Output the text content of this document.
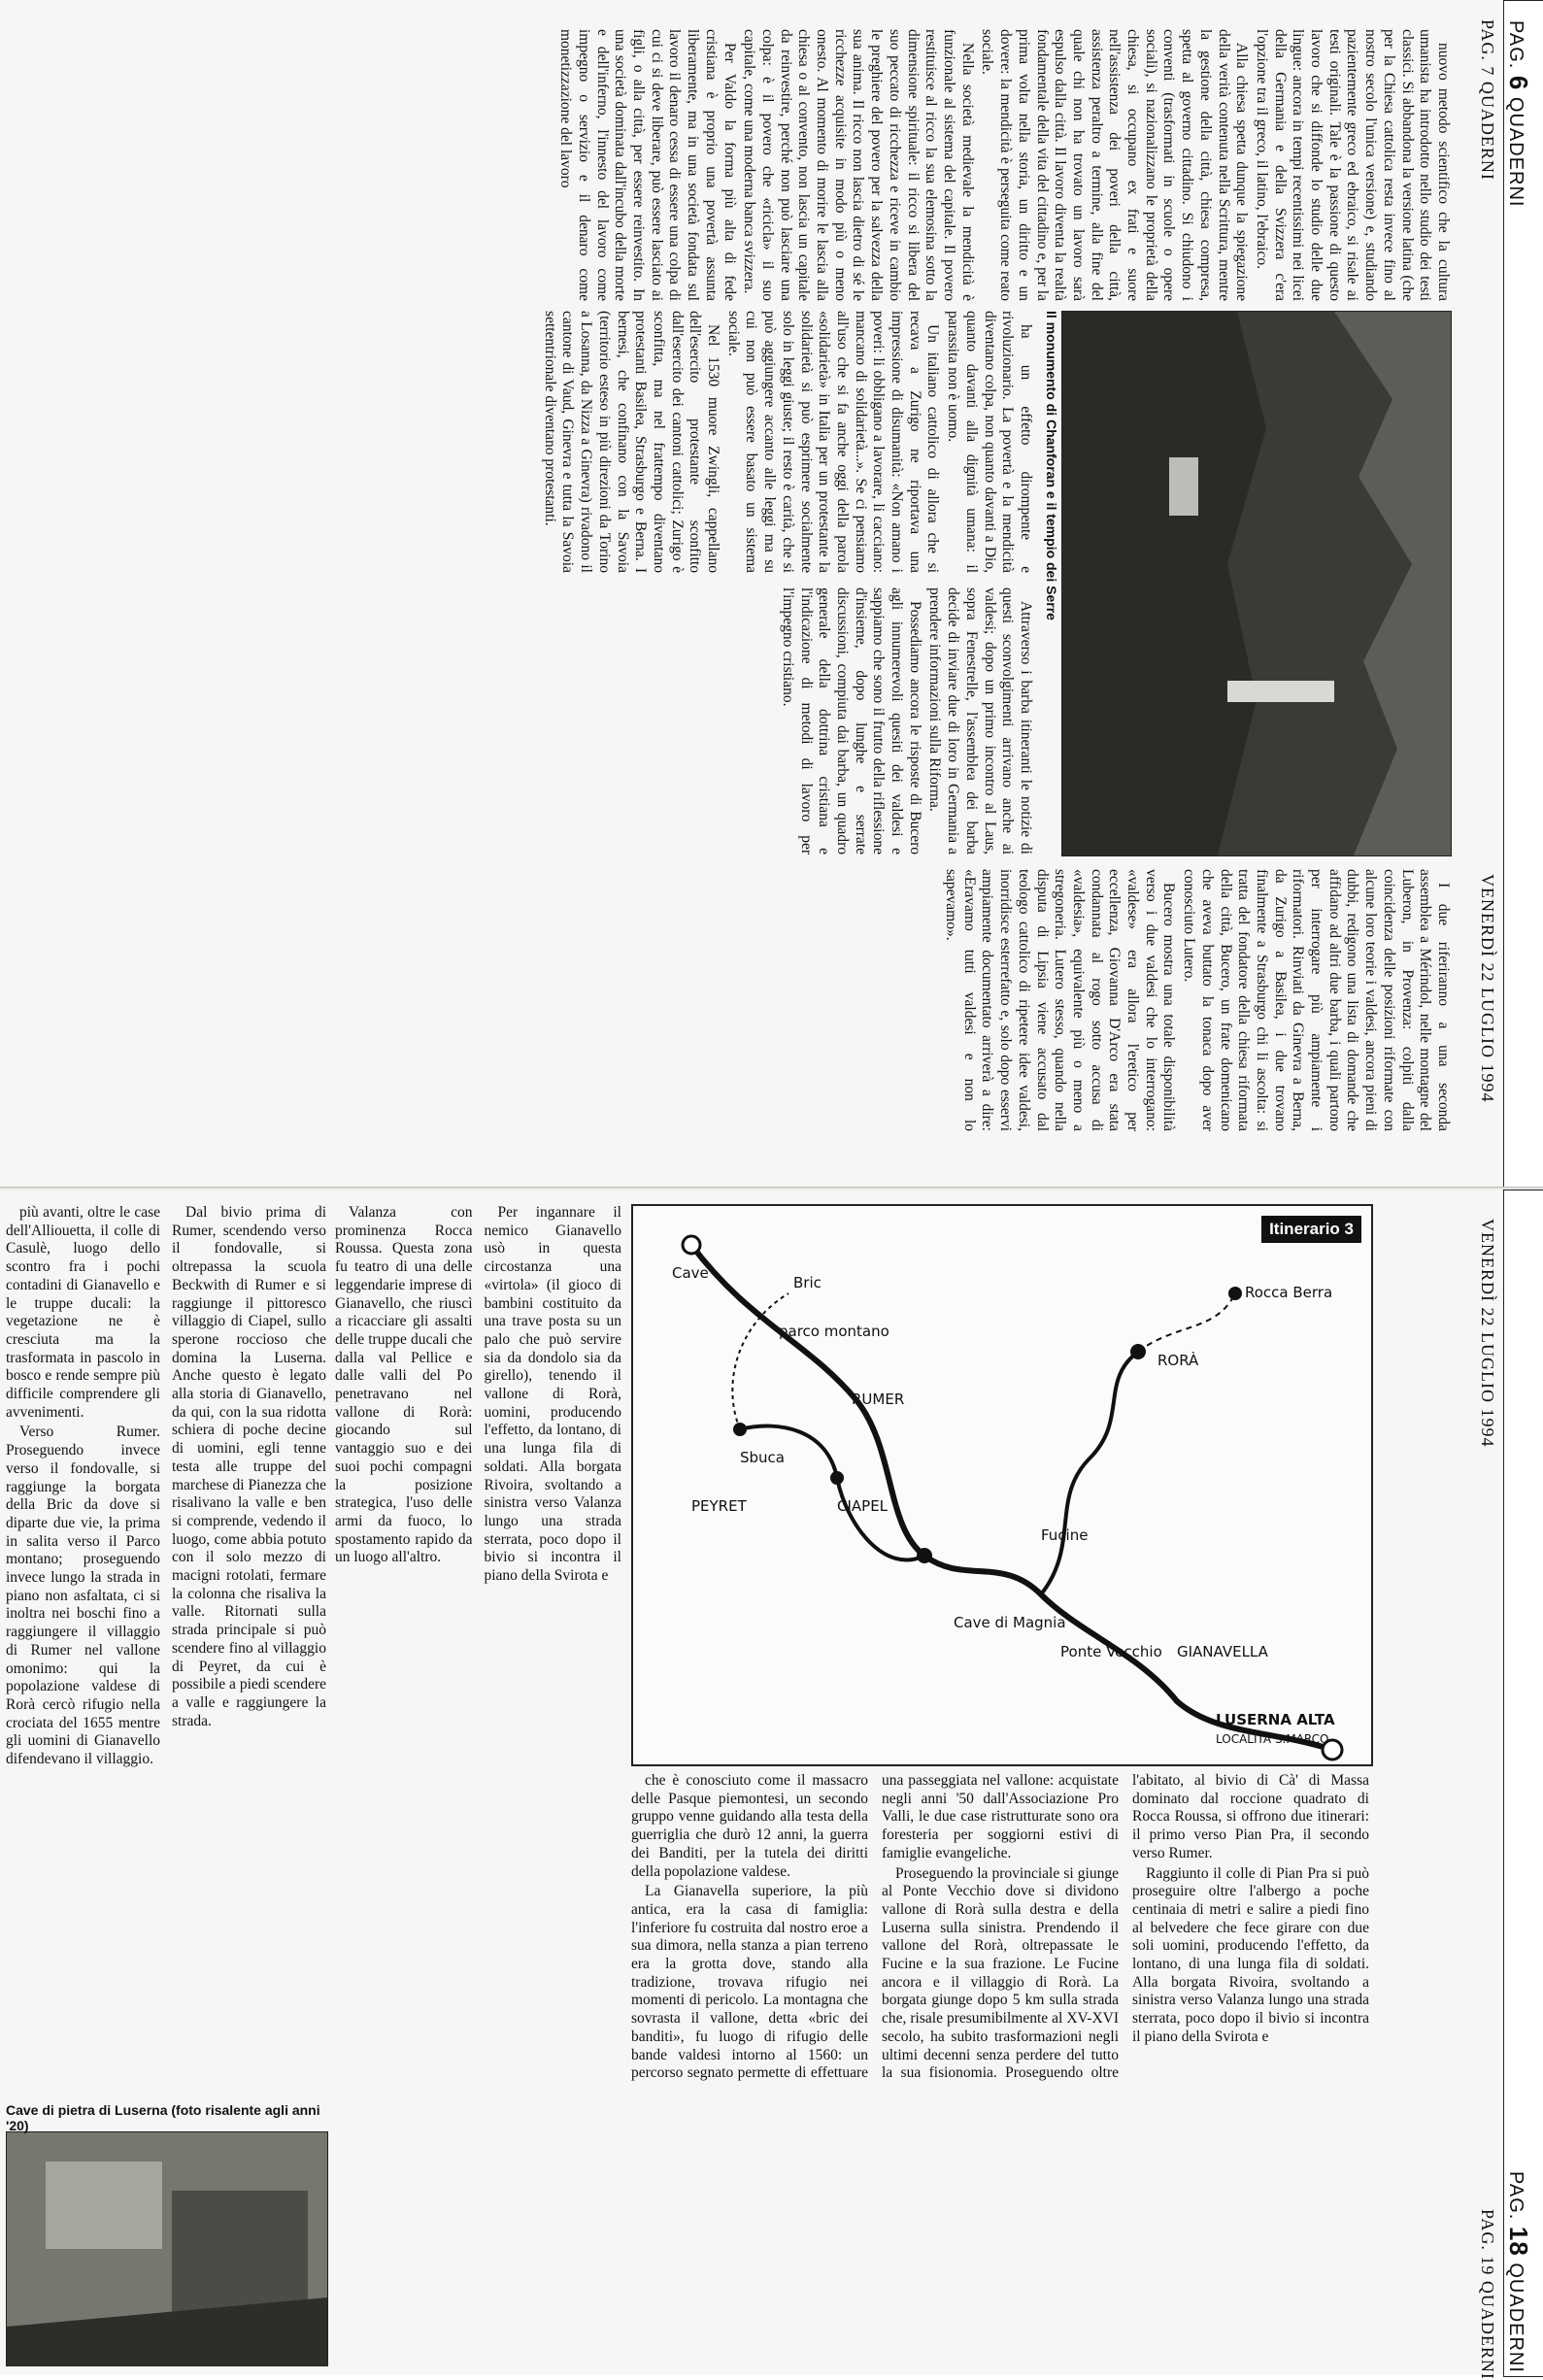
PAG. 6 QUADERNI
VENERDÌ 22 LUGLIO 1994
PAG. 7 QUADERNI

nuovo metodo scientifico che la cultura umanista ha introdotto nello studio dei testi classici. Si abbandona la versione latina (che per la Chiesa cattolica resta invece fino al nostro secolo l'unica versione) e, studiando pazientemente greco ed ebraico, si risale ai testi originali. Tale è la passione di questo lavoro che si diffonde lo studio delle due lingue: ancora in tempi recentissimi nei licei della Germania e della Svizzera c'era l'opzione tra il greco, il latino, l'ebraico.

Alla chiesa spetta dunque la spiegazione della verità contenuta nella Scrittura, mentre la gestione della città, chiesa compresa, spetta al governo cittadino. Si chiudono i conventi (trasformati in scuole o opere sociali), si nazionalizzano le proprietà della chiesa, si occupano ex frati e suore nell'assistenza dei poveri della città, assistenza peraltro a termine, alla fine del quale chi non ha trovato un lavoro sarà espulso dalla città. Il lavoro diventa la realtà fondamentale della vita del cittadino e, per la prima volta nella storia, un diritto e un dovere: la mendicità è perseguita come reato sociale.

Nella società medievale la mendicità è funzionale al sistema del capitale. Il povero restituisce al ricco la sua elemosina sotto la dimensione spirituale: il ricco si libera del suo peccato di ricchezza e riceve in cambio le preghiere del povero per la salvezza della sua anima. Il ricco non lascia dietro di sé le ricchezze acquisite in modo più o meno onesto. Al momento di morire le lascia alla chiesa o al convento, non lascia un capitale da reinvestire, perché non può lasciare una colpa: è il povero che «ricicla» il suo capitale, come una moderna banca svizzera.

Per Valdo la forma più alta di fede cristiana è proprio una povertà assunta liberamente, ma in una società fondata sul lavoro il denaro cessa di essere una colpa di cui ci si deve liberare, può essere lasciato ai figli, o alla città, per essere reinvestito. In una società dominata dall'incubo della morte e dell'inferno, l'innesto del lavoro come impegno o servizio e il denaro come monetizzazione del lavoro

Il monumento di Chanforan e il tempio dei Serre

ha un effetto dirompente e rivoluzionario. La povertà e la mendicità diventano colpa, non quanto davanti a Dio, quanto davanti alla dignità umana: il parassita non è uomo.

Un italiano cattolico di allora che si recava a Zurigo ne riportava una impressione di disumanità: «Non amano i poveri: li obbligano a lavorare, li cacciano: mancano di solidarietà...». Se ci pensiamo all'uso che si fa anche oggi della parola «solidarietà» in Italia per un protestante la solidarietà si può esprimere socialmente solo in leggi giuste; il resto è carità, che si può aggiungere accanto alle leggi ma su cui non può essere basato un sistema sociale.

Nel 1530 muore Zwingli, cappellano dell'esercito protestante sconfitto dall'esercito dei cantoni cattolici; Zurigo è sconfitta, ma nel frattempo diventano protestanti Basilea, Strasburgo e Berna. I bernesi, che confinano con la Savoia (territorio esteso in più direzioni da Torino a Losanna, da Nizza a Ginevra) rivadono il cantone di Vaud, Ginevra e tutta la Savoia settentrionale diventano protestanti.

Attraverso i barba itineranti le notizie di questi sconvolgimenti arrivano anche ai valdesi; dopo un primo incontro al Laus, sopra Fenestrelle, l'assemblea dei barba decide di inviare due di loro in Germania a prendere informazioni sulla Riforma.

Possediamo ancora le risposte di Bucero agli innumerevoli quesiti dei valdesi e sappiamo che sono il frutto della riflessione d'insieme, dopo lunghe e serrate discussioni, compiuta dai barba, un quadro generale della dottrina cristiana e l'indicazione di metodi di lavoro per l'impegno cristiano.

I due riferiranno a una seconda assemblea a Mérindol, nelle montagne del Luberon, in Provenza: colpiti dalla coincidenza delle posizioni riformate con alcune loro teorie i valdesi, ancora pieni di dubbi, redigono una lista di domande che affidano ad altri due barba, i quali partono per interrogare più ampiamente i riformatori. Rinviati da Ginevra a Berna, da Zurigo a Basilea, i due trovano finalmente a Strasburgo chi li ascolta: si tratta del fondatore della chiesa riformata della città, Bucero, un frate domenicano che aveva buttato la tonaca dopo aver conosciuto Lutero.

Bucero mostra una totale disponibilità verso i due valdesi che lo interrogano: «valdese» era allora l'eretico per eccellenza, Giovanna D'Arco era stata condannata al rogo sotto accusa di «valdesia», equivalente più o meno a stregoneria. Lutero stesso, quando nella disputa di Lipsia viene accusato dal teologo cattolico di ripetere idee valdesi, inorridisce esterrefatto e, solo dopo esservi ampiamente documentato arriverà a dire: «Eravamo tutti valdesi e non lo sapevamo».

PAG. 18 QUADERNI
VENERDÌ 22 LUGLIO 1994
PAG. 19 QUADERNI
Itinerario 3
RUMER
parco montano
Bric
Sbuca
PEYRET	CIAPEL
Cave
Fucine
Cave di Magnia
Ponte Vecchio
RORÀ
Rocca Berra
GIANAVELLA
LUSERNA ALTA
LOCALITÀ S.MARCO
Cave di pietra di Luserna (foto risalente agli anni '20)

che è conosciuto come il massacro delle Pasque piemontesi, un secondo gruppo venne guidando alla testa della guerriglia che durò 12 anni, la guerra dei Banditi, per la tutela dei diritti della popolazione valdese.

La Gianavella superiore, la più antica, era la casa di famiglia: l'inferiore fu costruita dal nostro eroe a sua dimora, nella stanza a pian terreno era la grotta dove, stando alla tradizione, trovava rifugio nei momenti di pericolo. La montagna che sovrasta il vallone, detta «bric dei banditi», fu luogo di rifugio delle bande valdesi intorno al 1560: un percorso segnato permette di effettuare una passeggiata nel vallone: acquistate negli anni '50 dall'Associazione Pro Valli, le due case ristrutturate sono ora foresteria per soggiorni estivi di famiglie evangeliche.

Proseguendo la provinciale si giunge al Ponte Vecchio dove si dividono vallone di Rorà sulla destra e della Luserna sulla sinistra. Prendendo il vallone del Rorà, oltrepassate le Fucine e la sua frazione. Le Fucine ancora e il villaggio di Rorà. La borgata giunge dopo 5 km sulla strada che, risale presumibilmente al XV-XVI secolo, ha subito trasformazioni negli ultimi decenni senza perdere del tutto la sua fisionomia. Proseguendo oltre l'abitato, al bivio di Cà' di Massa dominato dal roccione quadrato di Rocca Roussa, si offrono due itinerari: il primo verso Pian Pra, il secondo verso Rumer.

Raggiunto il colle di Pian Pra si può proseguire oltre l'albergo a poche centinaia di metri e salire a piedi fino al belvedere che fece girare con due soli uomini, producendo l'effetto, da lontano, di una lunga fila di soldati. Alla borgata Rivoira, svoltando a sinistra verso Valanza lungo una strada sterrata, poco dopo il bivio si incontra il piano della Svirota e

Valanza con prominenza Rocca Roussa. Questa zona fu teatro di una delle leggendarie imprese di Gianavello, che riuscì a ricacciare gli assalti delle truppe ducali che dalla val Pellice e dalle valli del Po penetravano nel vallone di Rorà: giocando sul vantaggio suo e dei suoi pochi compagni la posizione strategica, l'uso delle armi da fuoco, lo spostamento rapido da un luogo all'altro.

Per ingannare il nemico Gianavello usò in questa circostanza una «virtola» (il gioco di bambini costituito da una trave posta su un palo che può servire sia da dondolo sia da girello), tenendo il vallone di Rorà, uomini, producendo l'effetto, da lontano, di una lunga fila di soldati. Alla borgata Rivoira, svoltando a sinistra verso Valanza lungo una strada sterrata, poco dopo il bivio si incontra il piano della Svirota e

più avanti, oltre le case dell'Alliouetta, il colle di Casulè, luogo dello scontro fra i pochi contadini di Gianavello e le truppe ducali: la vegetazione ne è cresciuta ma la trasformata in pascolo in bosco e rende sempre più difficile comprendere gli avvenimenti.

Verso Rumer. Proseguendo invece verso il fondovalle, si raggiunge la borgata della Bric da dove si diparte due vie, la prima in salita verso il Parco montano; proseguendo invece lungo la strada in piano non asfaltata, ci si inoltra nei boschi fino a raggiungere il villaggio di Rumer nel vallone omonimo: qui la popolazione valdese di Rorà cercò rifugio nella crociata del 1655 mentre gli uomini di Gianavello difendevano il villaggio.

Dal bivio prima di Rumer, scendendo verso il fondovalle, si oltrepassa la scuola Beckwith di Rumer e si raggiunge il pittoresco villaggio di Ciapel, sullo sperone roccioso che domina la Luserna. Anche questo è legato alla storia di Gianavello, da qui, con la sua ridotta schiera di poche decine di uomini, egli tenne testa alle truppe del marchese di Pianezza che risalivano la valle e ben si comprende, vedendo il luogo, come abbia potuto con il solo mezzo di macigni rotolati, fermare la colonna che risaliva la valle. Ritornati sulla strada principale si può scendere fino al villaggio di Peyret, da cui è possibile a piedi scendere a valle e raggiungere la strada.
